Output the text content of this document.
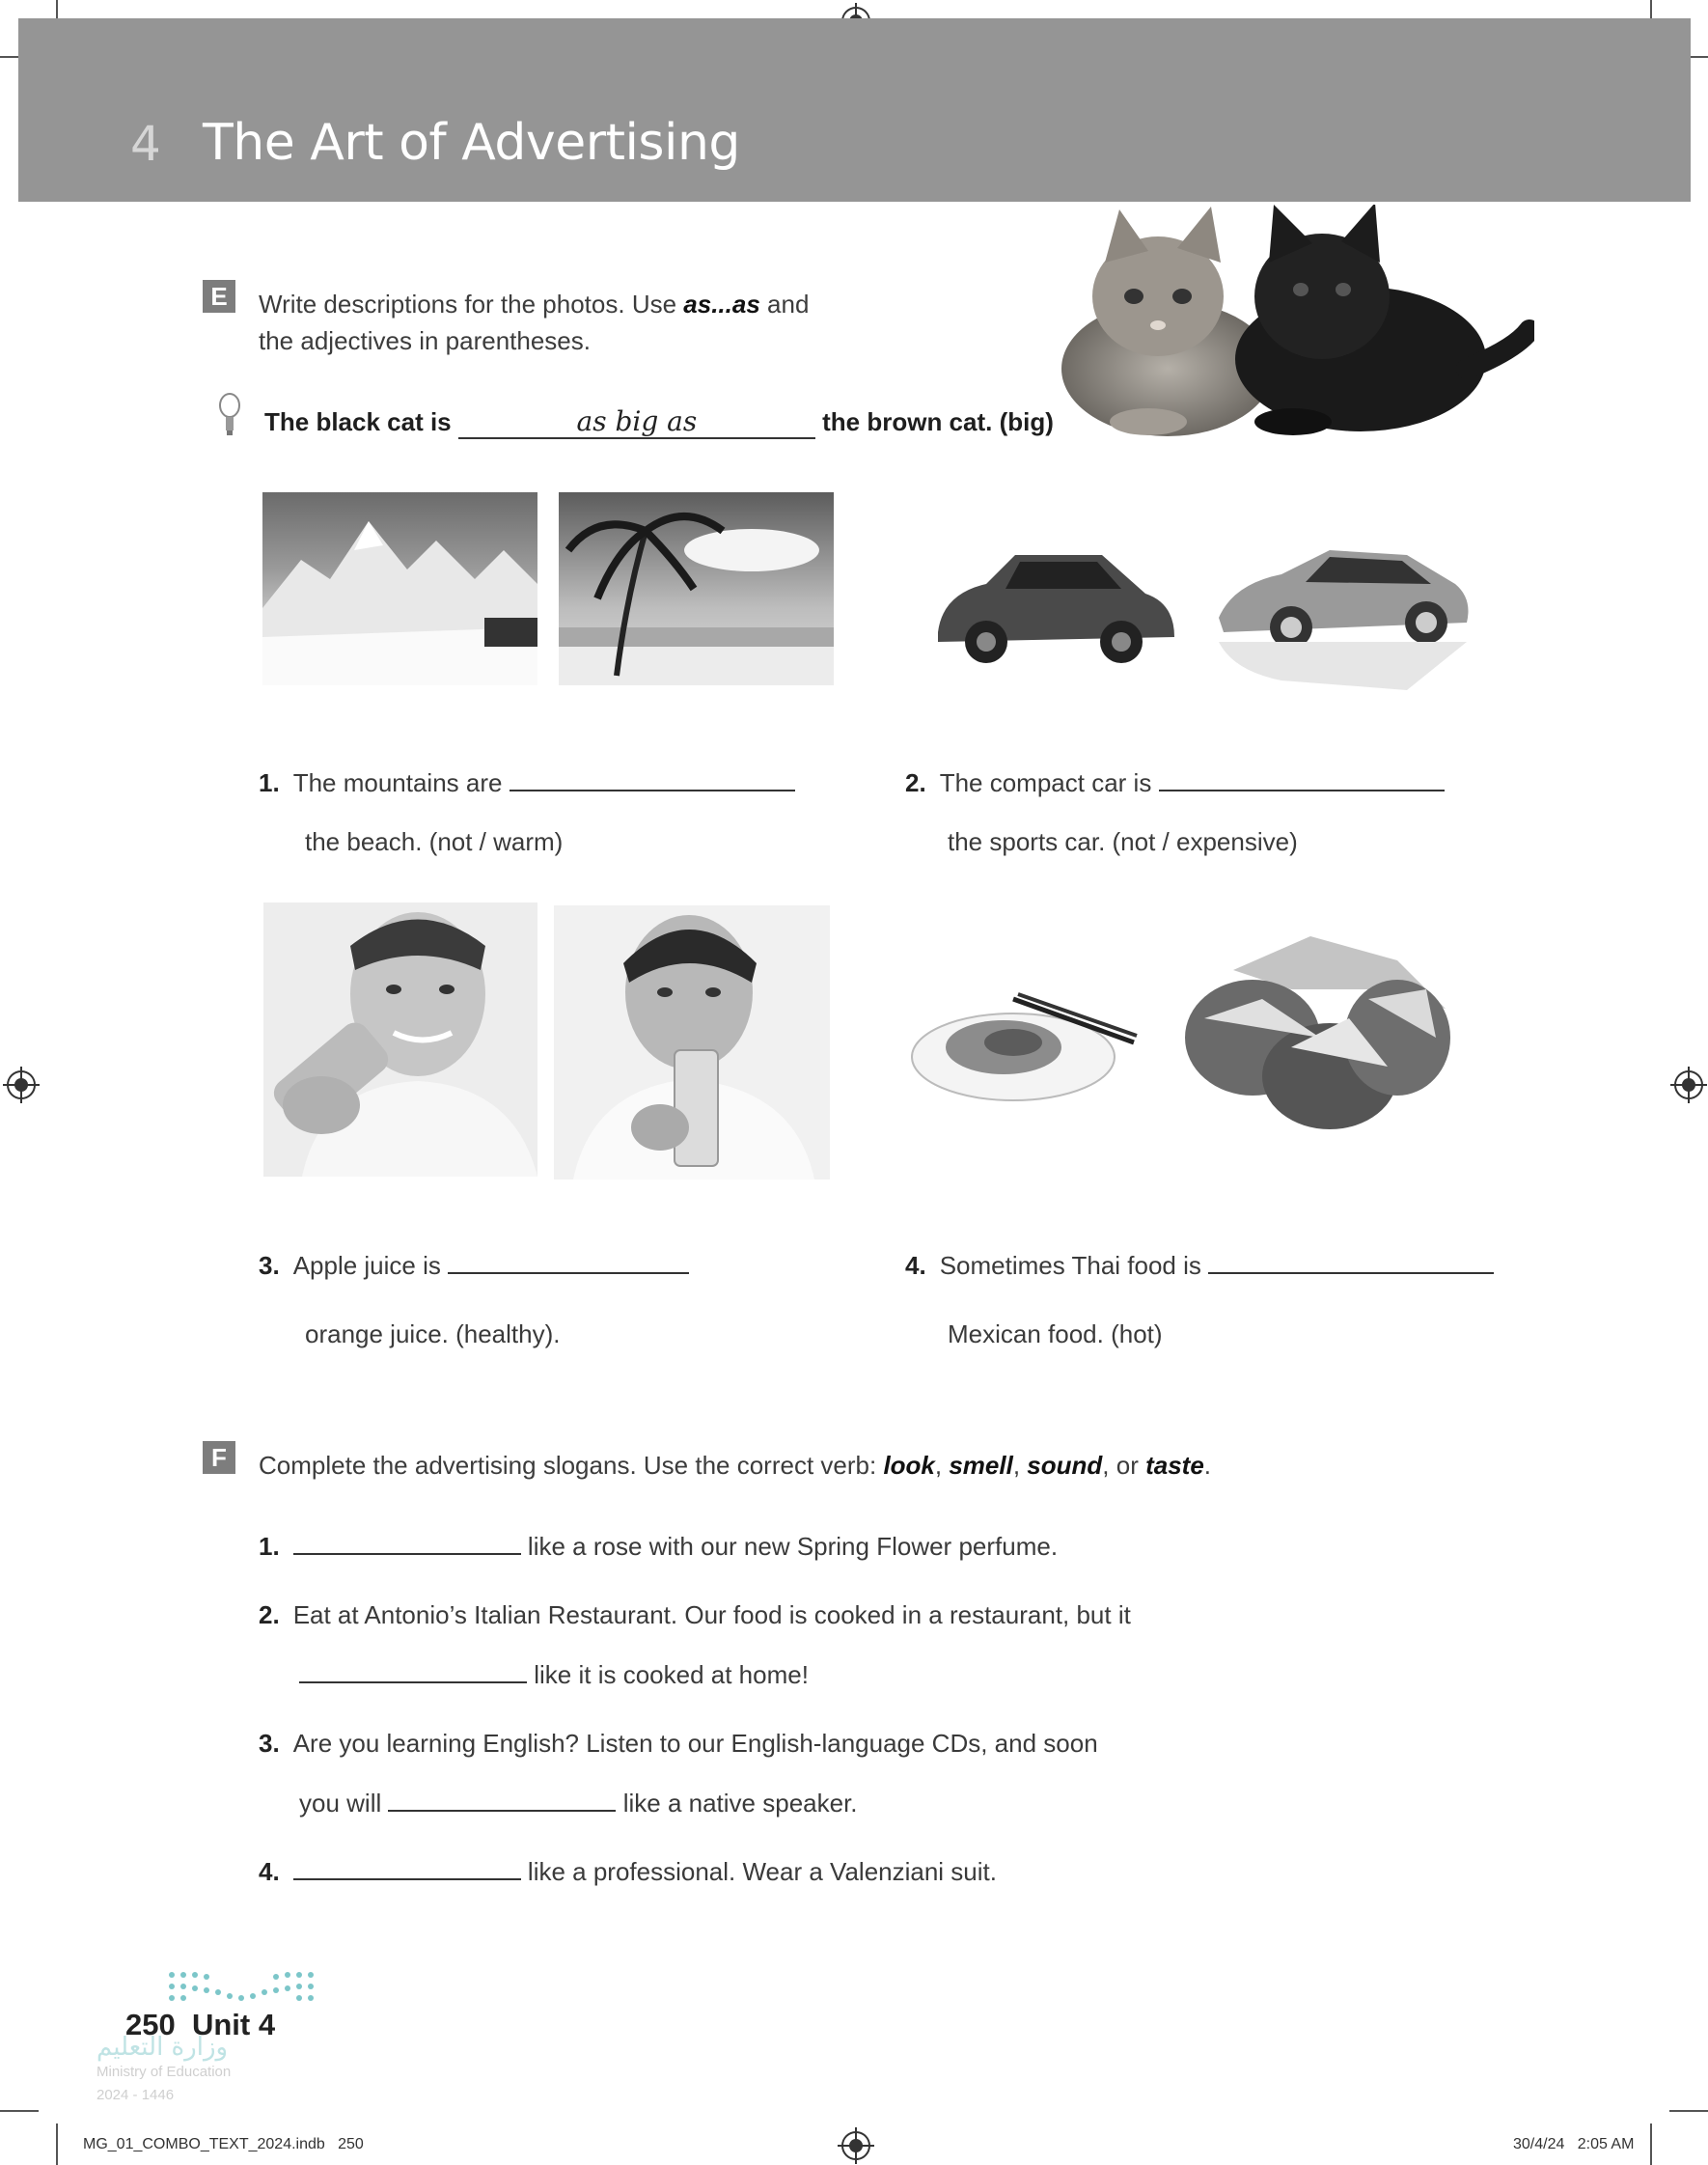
4 The Art of Advertising
E	Write descriptions for the photos. Use as...as and
the adjectives in parentheses.
The black cat is	as big as	the brown cat. (big)
1. The mountains are
the beach. (not / warm)
2. The compact car is
the sports car. (not / expensive)
3. Apple juice is
orange juice. (healthy).
4. Sometimes Thai food is
Mexican food. (hot)
F	Complete the advertising slogans. Use the correct verb: look, smell, sound, or taste.
1.	like a rose with our new Spring Flower perfume.
2. Eat at Antonio’s Italian Restaurant. Our food is cooked in a restaurant, but it
like it is cooked at home!
3. Are you learning English? Listen to our English-language CDs, and soon
you will	like a native speaker.
4.	like a professional. Wear a Valenziani suit.
250 Unit 4
وزارة التعليم
Ministry of Education
2024 - 1446
MG_01_COMBO_TEXT_2024.indb   250	30/4/24   2:05 AM
